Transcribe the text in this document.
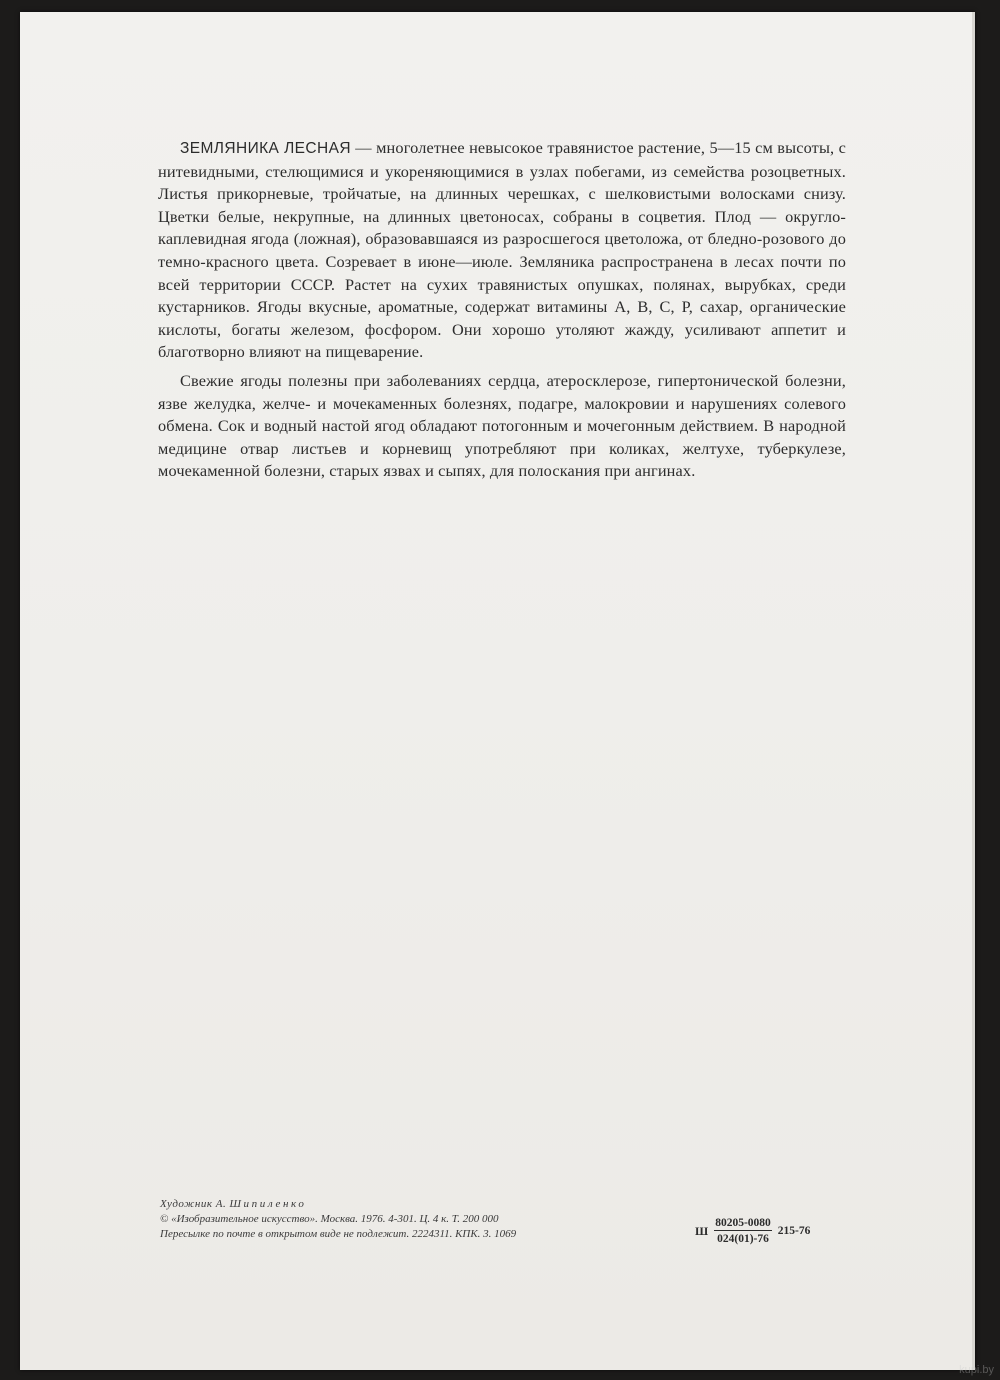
ЗЕМЛЯНИКА ЛЕСНАЯ — многолетнее невысокое травянистое растение, 5—15 см высоты, с нитевидными, стелющимися и укореняющимися в узлах побегами, из семейства розоцветных. Листья прикорневые, тройчатые, на длинных черешках, с шелковистыми волосками снизу. Цветки белые, некрупные, на длинных цветоносах, собраны в соцветия. Плод — округло-каплевидная ягода (ложная), образовавшаяся из разросшегося цветоложа, от бледно-розового до темно-красного цвета. Созревает в июне—июле. Земляника распространена в лесах почти по всей территории СССР. Растет на сухих травянистых опушках, полянах, вырубках, среди кустарников. Ягоды вкусные, ароматные, содержат витамины А, В, С, Р, сахар, органические кислоты, богаты железом, фосфором. Они хорошо утоляют жажду, усиливают аппетит и благотворно влияют на пищеварение.

Свежие ягоды полезны при заболеваниях сердца, атеросклерозе, гипертонической болезни, язве желудка, желче- и мочекаменных болезнях, подагре, малокровии и нарушениях солевого обмена. Сок и водный настой ягод обладают потогонным и мочегонным действием. В народной медицине отвар листьев и корневищ употребляют при коликах, желтухе, туберкулезе, мочекаменной болезни, старых язвах и сыпях, для полоскания при ангинах.

Художник А. Шипиленко
© «Изобразительное искусство». Москва. 1976. 4-301. Ц. 4 к. Т. 200 000
Пересылке по почте в открытом виде не подлежит. 2224311. КПК. 3. 1069	Ш $\frac{80205-0080}{024(01)-76} 215-76$
kupi.by
